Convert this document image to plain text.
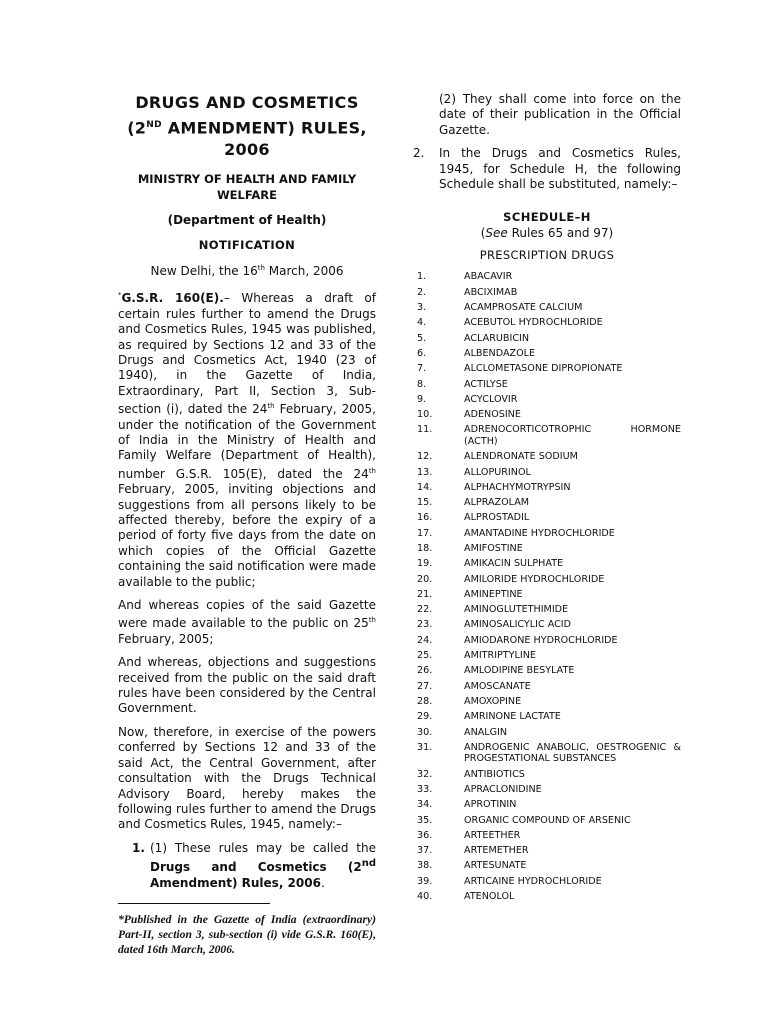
DRUGS AND COSMETICS
(2ND AMENDMENT) RULES,
2006
MINISTRY OF HEALTH AND FAMILY WELFARE
(Department of Health)
NOTIFICATION
New Delhi, the 16th March, 2006

*G.S.R. 160(E).– Whereas a draft of certain rules further to amend the Drugs and Cosmetics Rules, 1945 was published, as required by Sections 12 and 33 of the Drugs and Cosmetics Act, 1940 (23 of 1940), in the Gazette of India, Extraordinary, Part II, Section 3, Sub-section (i), dated the 24th February, 2005, under the notification of the Government of India in the Ministry of Health and Family Welfare (Department of Health), number G.S.R. 105(E), dated the 24th February, 2005, inviting objections and suggestions from all persons likely to be affected thereby, before the expiry of a period of forty five days from the date on which copies of the Official Gazette containing the said notification were made available to the public;

And whereas copies of the said Gazette were made available to the public on 25th February, 2005;

And whereas, objections and suggestions received from the public on the said draft rules have been considered by the Central Government.

Now, therefore, in exercise of the powers conferred by Sections 12 and 33 of the said Act, the Central Government, after consultation with the Drugs Technical Advisory Board, hereby makes the following rules further to amend the Drugs and Cosmetics Rules, 1945, namely:–

1. (1) These rules may be called the Drugs and Cosmetics (2nd Amendment) Rules, 2006.
*Published in the Gazette of India (extraordinary) Part-II, section 3, sub-section (i) vide G.S.R. 160(E), dated 16th March, 2006.
(2) They shall come into force on the date of their publication in the Official Gazette.
2.	In the Drugs and Cosmetics Rules, 1945, for Schedule H, the following Schedule shall be substituted, namely:–
SCHEDULE–H
(See Rules 65 and 97)
PRESCRIPTION DRUGS
1.	ABACAVIR
2.	ABCIXIMAB
3.	ACAMPROSATE CALCIUM
4.	ACEBUTOL HYDROCHLORIDE
5.	ACLARUBICIN
6.	ALBENDAZOLE
7.	ALCLOMETASONE DIPROPIONATE
8.	ACTILYSE
9.	ACYCLOVIR
10.	ADENOSINE
11.	ADRENOCORTICOTROPHIC HORMONE (ACTH)
12.	ALENDRONATE SODIUM
13.	ALLOPURINOL
14.	ALPHACHYMOTRYPSIN
15.	ALPRAZOLAM
16.	ALPROSTADIL
17.	AMANTADINE HYDROCHLORIDE
18.	AMIFOSTINE
19.	AMIKACIN SULPHATE
20.	AMILORIDE HYDROCHLORIDE
21.	AMINEPTINE
22.	AMINOGLUTETHIMIDE
23.	AMINOSALICYLIC ACID
24.	AMIODARONE HYDROCHLORIDE
25.	AMITRIPTYLINE
26.	AMLODIPINE BESYLATE
27.	AMOSCANATE
28.	AMOXOPINE
29.	AMRINONE LACTATE
30.	ANALGIN
31.	ANDROGENIC ANABOLIC, OESTROGENIC & PROGESTATIONAL SUBSTANCES
32.	ANTIBIOTICS
33.	APRACLONIDINE
34.	APROTININ
35.	ORGANIC COMPOUND OF ARSENIC
36.	ARTEETHER
37.	ARTEMETHER
38.	ARTESUNATE
39.	ARTICAINE HYDROCHLORIDE
40.	ATENOLOL
